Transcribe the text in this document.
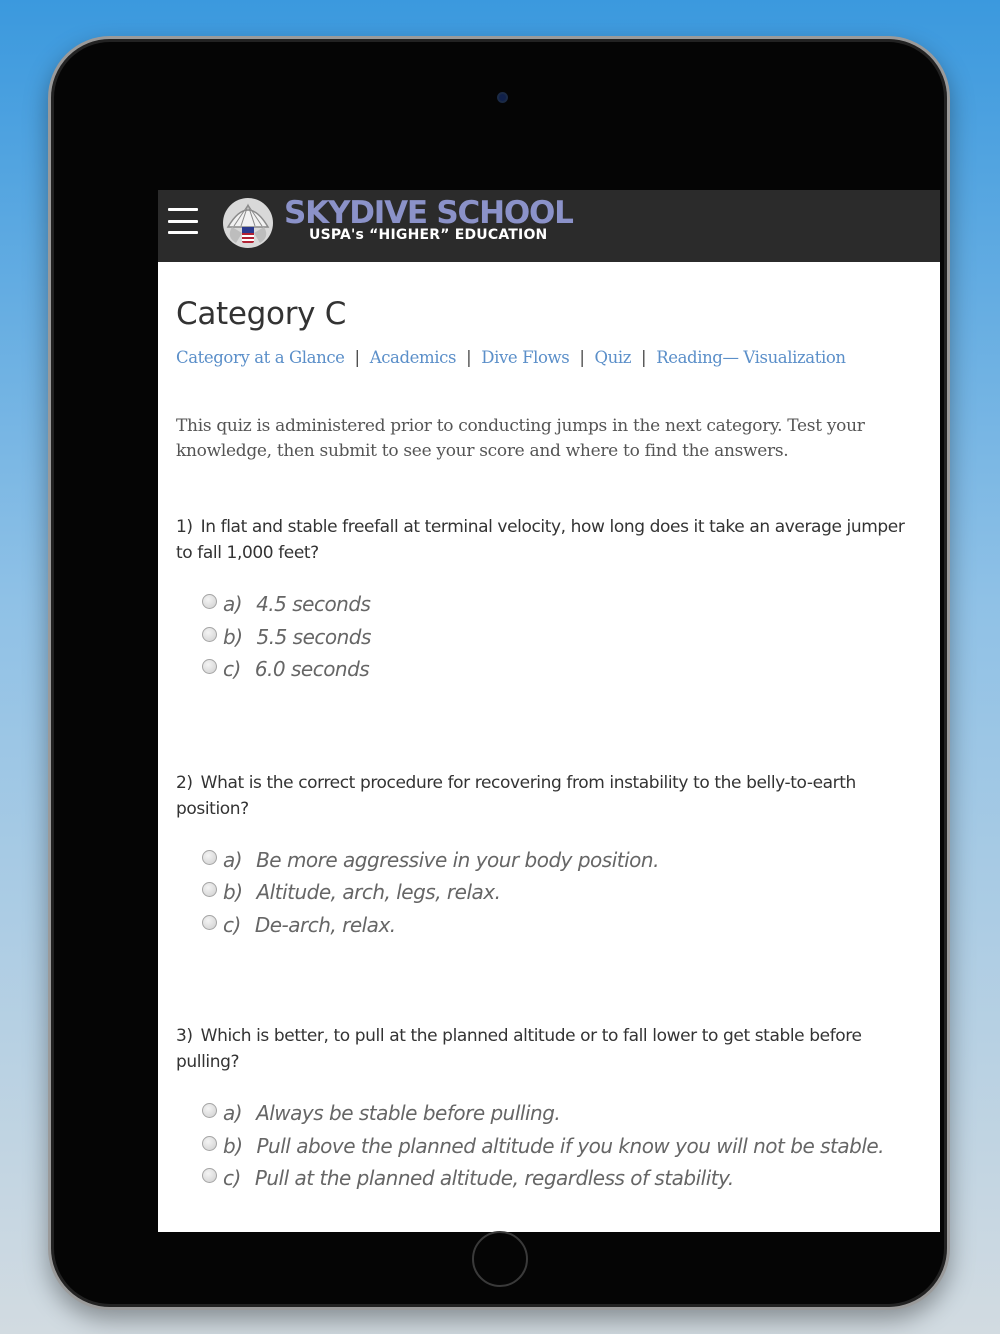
SKYDIVE SCHOOL
USPA's “HIGHER” EDUCATION
Category C
Category at a Glance | Academics | Dive Flows | Quiz | Reading— Visualization

This quiz is administered prior to conducting jumps in the next category. Test your knowledge, then submit to see your score and where to find the answers.

1) In flat and stable freefall at terminal velocity, how long does it take an average jumper to fall 1,000 feet?
a) 4.5 seconds
b) 5.5 seconds
c) 6.0 seconds
2) What is the correct procedure for recovering from instability to the belly-to-earth position?
a) Be more aggressive in your body position.
b) Altitude, arch, legs, relax.
c) De-arch, relax.
3) Which is better, to pull at the planned altitude or to fall lower to get stable before pulling?
a) Always be stable before pulling.
b) Pull above the planned altitude if you know you will not be stable.
c) Pull at the planned altitude, regardless of stability.
